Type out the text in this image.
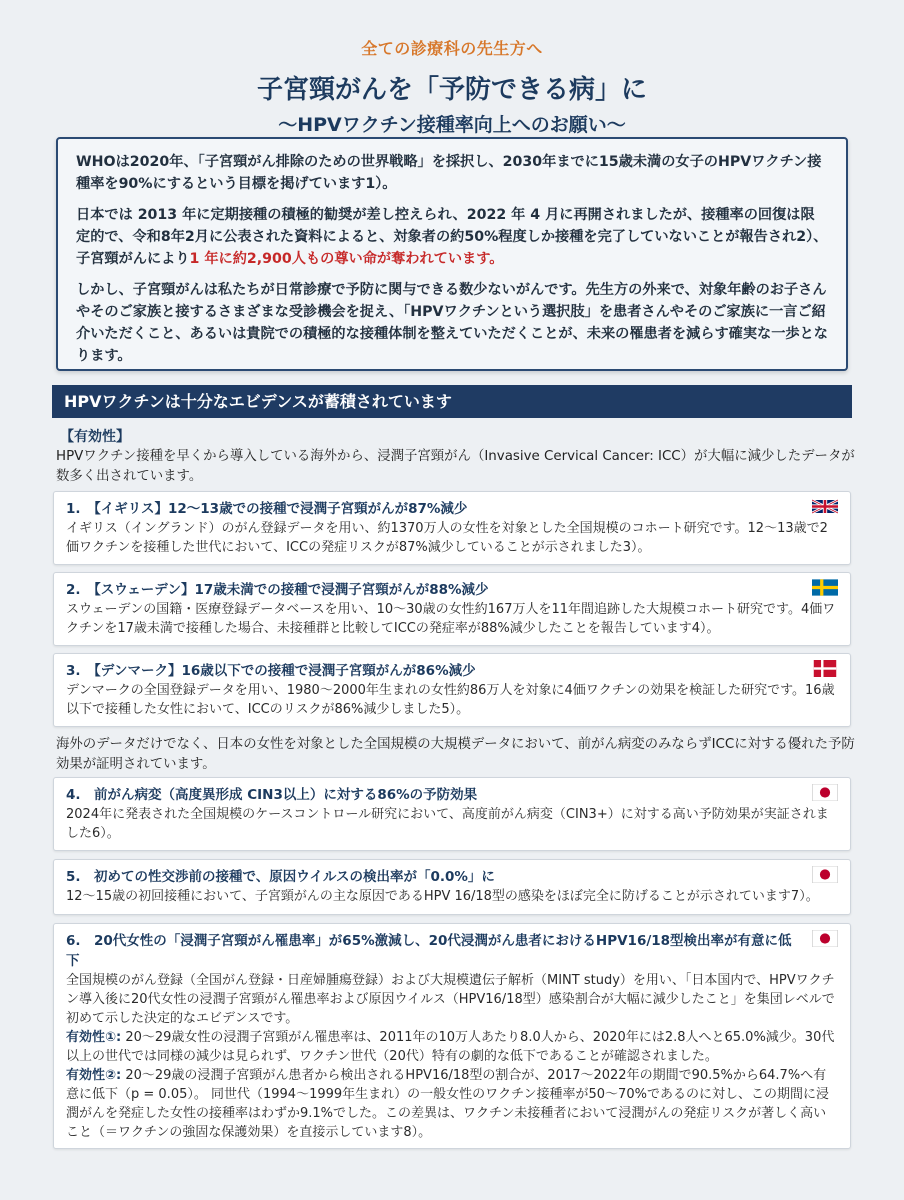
全ての診療科の先生方へ
子宮頸がんを「予防できる病」に
～HPVワクチン接種率向上へのお願い～

WHOは2020年、「子宮頸がん排除のための世界戦略」を採択し、2030年までに15歳未満の女子のHPVワクチン接種率を90%にするという目標を掲げています1）。

日本では 2013 年に定期接種の積極的勧奨が差し控えられ、2022 年 4 月に再開されましたが、接種率の回復は限定的で、令和8年2月に公表された資料によると、対象者の約50%程度しか接種を完了していないことが報告され2）、子宮頸がんにより1 年に約2,900人もの尊い命が奪われています。

しかし、子宮頸がんは私たちが日常診療で予防に関与できる数少ないがんです。先生方の外来で、対象年齢のお子さんやそのご家族と接するさまざまな受診機会を捉え、「HPVワクチンという選択肢」を患者さんやそのご家族に一言ご紹介いただくこと、あるいは貴院での積極的な接種体制を整えていただくことが、未来の罹患者を減らす確実な一歩となります。

HPVワクチンは十分なエビデンスが蓄積されています
【有効性】
HPVワクチン接種を早くから導入している海外から、浸潤子宮頸がん（Invasive Cervical Cancer: ICC）が大幅に減少したデータが数多く出されています。
1.　【イギリス】12～13歳での接種で浸潤子宮頸がんが87%減少
イギリス（イングランド）のがん登録データを用い、約1370万人の女性を対象とした全国規模のコホート研究です。12～13歳で2価ワクチンを接種した世代において、ICCの発症リスクが87%減少していることが示されました3）。
2.　【スウェーデン】17歳未満での接種で浸潤子宮頸がんが88%減少
スウェーデンの国籍・医療登録データベースを用い、10～30歳の女性約167万人を11年間追跡した大規模コホート研究です。4価ワクチンを17歳未満で接種した場合、未接種群と比較してICCの発症率が88%減少したことを報告しています4）。
3.　【デンマーク】16歳以下での接種で浸潤子宮頸がんが86%減少
デンマークの全国登録データを用い、1980～2000年生まれの女性約86万人を対象に4価ワクチンの効果を検証した研究です。16歳以下で接種した女性において、ICCのリスクが86%減少しました5）。
海外のデータだけでなく、日本の女性を対象とした全国規模の大規模データにおいて、前がん病変のみならずICCに対する優れた予防効果が証明されています。
4.　前がん病変（高度異形成 CIN3以上）に対する86%の予防効果
2024年に発表された全国規模のケースコントロール研究において、高度前がん病変（CIN3+）に対する高い予防効果が実証されました6）。
5.　初めての性交渉前の接種で、原因ウイルスの検出率が「0.0%」に
12～15歳の初回接種において、子宮頸がんの主な原因であるHPV 16/18型の感染をほぼ完全に防げることが示されています7）。
6.　20代女性の「浸潤子宮頸がん罹患率」が65%激減し、20代浸潤がん患者におけるHPV16/18型検出率が有意に低下
全国規模のがん登録（全国がん登録・日産婦腫瘍登録）および大規模遺伝子解析（MINT study）を用い、「日本国内で、HPVワクチン導入後に20代女性の浸潤子宮頸がん罹患率および原因ウイルス（HPV16/18型）感染割合が大幅に減少したこと」を集団レベルで初めて示した決定的なエビデンスです。
有効性①: 20～29歳女性の浸潤子宮頸がん罹患率は、2011年の10万人あたり8.0人から、2020年には2.8人へと65.0%減少。30代以上の世代では同様の減少は見られず、ワクチン世代（20代）特有の劇的な低下であることが確認されました。
有効性②: 20～29歳の浸潤子宮頸がん患者から検出されるHPV16/18型の割合が、2017～2022年の期間で90.5%から64.7%へ有意に低下（p = 0.05）。 同世代（1994～1999年生まれ）の一般女性のワクチン接種率が50～70%であるのに対し、この期間に浸潤がんを発症した女性の接種率はわずか9.1%でした。この差異は、ワクチン未接種者において浸潤がんの発症リスクが著しく高いこと（＝ワクチンの強固な保護効果）を直接示しています8）。
